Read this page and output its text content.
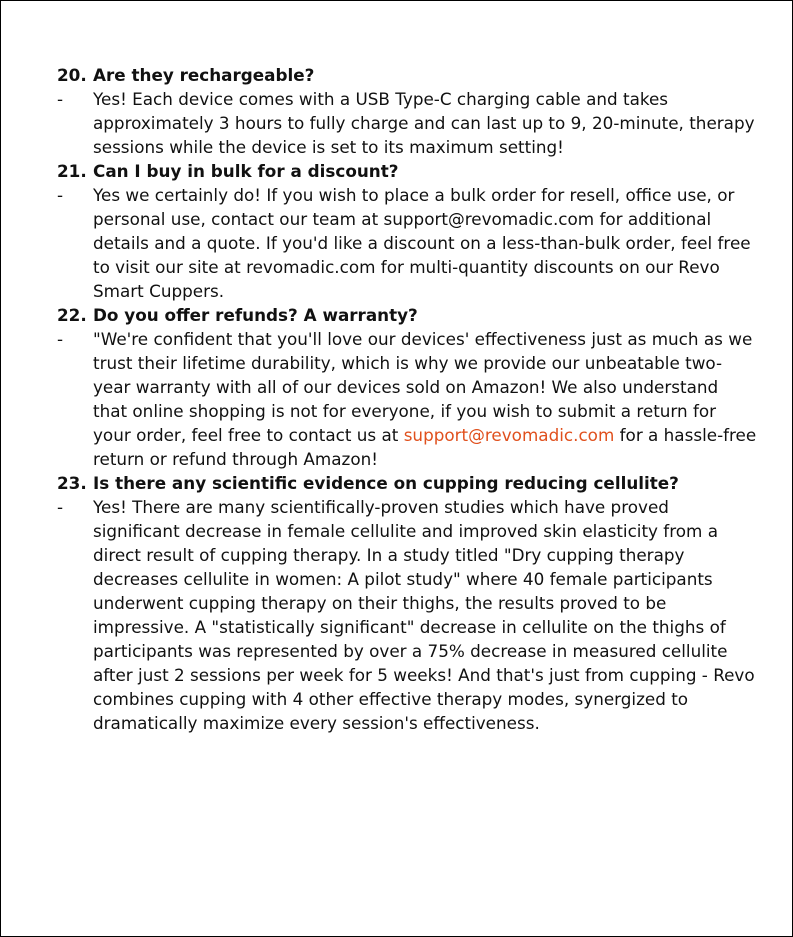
20. Are they rechargeable?
-	Yes! Each device comes with a USB Type-C charging cable and takes approximately 3 hours to fully charge and can last up to 9, 20-minute, therapy sessions while the device is set to its maximum setting!
21. Can I buy in bulk for a discount?
-	Yes we certainly do! If you wish to place a bulk order for resell, office use, or personal use, contact our team at support@revomadic.com for additional details and a quote. If you'd like a discount on a less-than-bulk order, feel free to visit our site at revomadic.com for multi-quantity discounts on our Revo Smart Cuppers.
22. Do you offer refunds? A warranty?
-	"We're confident that you'll love our devices' effectiveness just as much as we trust their lifetime durability, which is why we provide our unbeatable two-year warranty with all of our devices sold on Amazon! We also understand that online shopping is not for everyone, if you wish to submit a return for your order, feel free to contact us at support@revomadic.com for a hassle-free return or refund through Amazon!
23. Is there any scientific evidence on cupping reducing cellulite?
-	Yes! There are many scientifically-proven studies which have proved significant decrease in female cellulite and improved skin elasticity from a direct result of cupping therapy. In a study titled "Dry cupping therapy decreases cellulite in women: A pilot study" where 40 female participants underwent cupping therapy on their thighs, the results proved to be impressive. A "statistically significant" decrease in cellulite on the thighs of participants was represented by over a 75% decrease in measured cellulite after just 2 sessions per week for 5 weeks! And that's just from cupping - Revo combines cupping with 4 other effective therapy modes, synergized to dramatically maximize every session's effectiveness.
